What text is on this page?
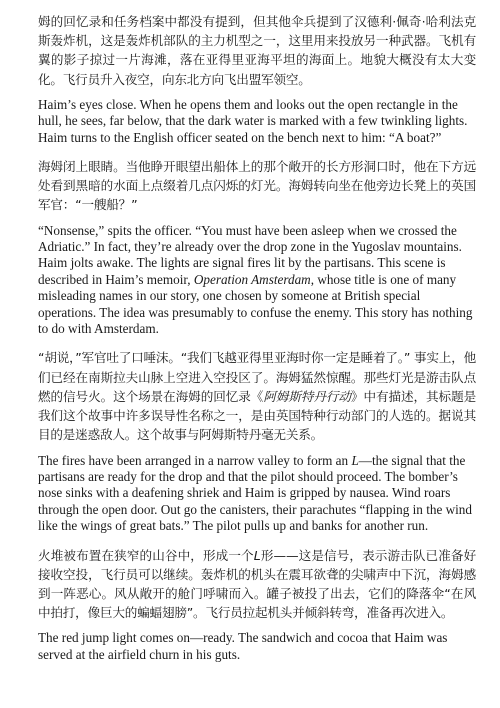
姆的回忆录和任务档案中都没有提到，但其他伞兵提到了汉德利·佩奇·哈利法克斯轰炸机，这是轰炸机部队的主力机型之一，这里用来投放另一种武器。飞机有翼的影子掠过一片海滩，落在亚得里亚海平坦的海面上。地貌大概没有太大变化。飞行员升入夜空，向东北方向飞出盟军领空。

Haim’s eyes close. When he opens them and looks out the open rectangle in the hull, he sees, far below, that the dark water is marked with a few twinkling lights. Haim turns to the English officer seated on the bench next to him: “A boat?”

海姆闭上眼睛。当他睁开眼望出船体上的那个敞开的长方形洞口时，他在下方远处看到黑暗的水面上点缀着几点闪烁的灯光。海姆转向坐在他旁边长凳上的英国军官：“一艘船？”

“Nonsense,” spits the officer. “You must have been asleep when we crossed the Adriatic.” In fact, they’re already over the drop zone in the Yugoslav mountains. Haim jolts awake. The lights are signal fires lit by the partisans. This scene is described in Haim’s memoir, Operation Amsterdam, whose title is one of many misleading names in our story, one chosen by someone at British special operations. The idea was presumably to confuse the enemy. This story has nothing to do with Amsterdam.

“胡说，”军官吐了口唾沫。“我们飞越亚得里亚海时你一定是睡着了。” 事实上，他们已经在南斯拉夫山脉上空进入空投区了。海姆猛然惊醒。那些灯光是游击队点燃的信号火。这个场景在海姆的回忆录《阿姆斯特丹行动》中有描述，其标题是我们这个故事中许多误导性名称之一，是由英国特种行动部门的人选的。据说其目的是迷惑敌人。这个故事与阿姆斯特丹毫无关系。

The fires have been arranged in a narrow valley to form an L—the signal that the partisans are ready for the drop and that the pilot should proceed. The bomber’s nose sinks with a deafening shriek and Haim is gripped by nausea. Wind roars through the open door. Out go the canisters, their parachutes “flapping in the wind like the wings of great bats.” The pilot pulls up and banks for another run.

火堆被布置在狭窄的山谷中，形成一个L形——这是信号，表示游击队已准备好接收空投，飞行员可以继续。轰炸机的机头在震耳欲聋的尖啸声中下沉，海姆感到一阵恶心。风从敞开的舱门呼啸而入。罐子被投了出去，它们的降落伞“在风中拍打，像巨大的蝙蝠翅膀”。飞行员拉起机头并倾斜转弯，准备再次进入。

The red jump light comes on—ready. The sandwich and cocoa that Haim was served at the airfield churn in his guts.
